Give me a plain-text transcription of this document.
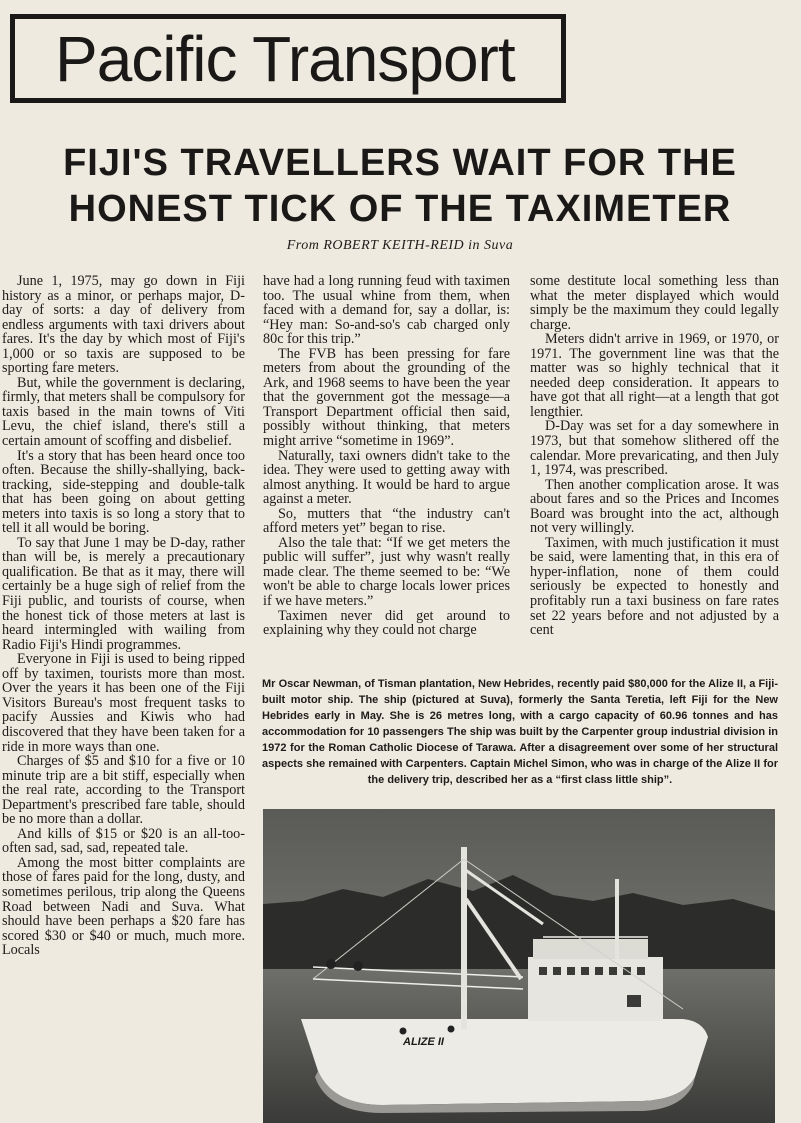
Pacific Transport
FIJI'S TRAVELLERS WAIT FOR THE
HONEST TICK OF THE TAXIMETER
From ROBERT KEITH-REID in Suva

June 1, 1975, may go down in Fiji history as a minor, or perhaps major, D-day of sorts: a day of delivery from endless arguments with taxi drivers about fares. It's the day by which most of Fiji's 1,000 or so taxis are supposed to be sporting fare meters.

But, while the government is declaring, firmly, that meters shall be compulsory for taxis based in the main towns of Viti Levu, the chief island, there's still a certain amount of scoffing and disbelief.

It's a story that has been heard once too often. Because the shilly-shallying, back-tracking, side-stepping and double-talk that has been going on about getting meters into taxis is so long a story that to tell it all would be boring.

To say that June 1 may be D-day, rather than will be, is merely a precautionary qualification. Be that as it may, there will certainly be a huge sigh of relief from the Fiji public, and tourists of course, when the honest tick of those meters at last is heard intermingled with wailing from Radio Fiji's Hindi programmes.

Everyone in Fiji is used to being ripped off by taximen, tourists more than most. Over the years it has been one of the Fiji Visitors Bureau's most frequent tasks to pacify Aussies and Kiwis who had discovered that they have been taken for a ride in more ways than one.

Charges of $5 and $10 for a five or 10 minute trip are a bit stiff, especially when the real rate, according to the Transport Department's prescribed fare table, should be no more than a dollar.

And kills of $15 or $20 is an all-too-often sad, sad, sad, repeated tale.

Among the most bitter complaints are those of fares paid for the long, dusty, and sometimes perilous, trip along the Queens Road between Nadi and Suva. What should have been perhaps a $20 fare has scored $30 or $40 or much, much more. Locals

have had a long running feud with taximen too. The usual whine from them, when faced with a demand for, say a dollar, is: “Hey man: So-and-so's cab charged only 80c for this trip.”

The FVB has been pressing for fare meters from about the grounding of the Ark, and 1968 seems to have been the year that the government got the message—a Transport Department official then said, possibly without thinking, that meters might arrive “sometime in 1969”.

Naturally, taxi owners didn't take to the idea. They were used to getting away with almost anything. It would be hard to argue against a meter.

So, mutters that “the industry can't afford meters yet” began to rise.

Also the tale that: “If we get meters the public will suffer”, just why wasn't really made clear. The theme seemed to be: “We won't be able to charge locals lower prices if we have meters.”

Taximen never did get around to explaining why they could not charge

some destitute local something less than what the meter displayed which would simply be the maximum they could legally charge.

Meters didn't arrive in 1969, or 1970, or 1971. The government line was that the matter was so highly technical that it needed deep consideration. It appears to have got that all right—at a length that got lengthier.

D-Day was set for a day somewhere in 1973, but that somehow slithered off the calendar. More prevaricating, and then July 1, 1974, was prescribed.

Then another complication arose. It was about fares and so the Prices and Incomes Board was brought into the act, although not very willingly.

Taximen, with much justification it must be said, were lamenting that, in this era of hyper-inflation, none of them could seriously be expected to honestly and profitably run a taxi business on fare rates set 22 years before and not adjusted by a cent

Mr Oscar Newman, of Tisman plantation, New Hebrides, recently paid $80,000 for the Alize II, a Fiji-built motor ship. The ship (pictured at Suva), formerly the Santa Teretia, left Fiji for the New Hebrides early in May. She is 26 metres long, with a cargo capacity of 60.96 tonnes and has accommodation for 10 passengers The ship was built by the Carpenter group industrial division in 1972 for the Roman Catholic Diocese of Tarawa. After a disagreement over some of her structural aspects she remained with Carpenters. Captain Michel Simon, who was in charge of the Alize II for the delivery trip, described her as a “first class little ship”.
ALIZE II
